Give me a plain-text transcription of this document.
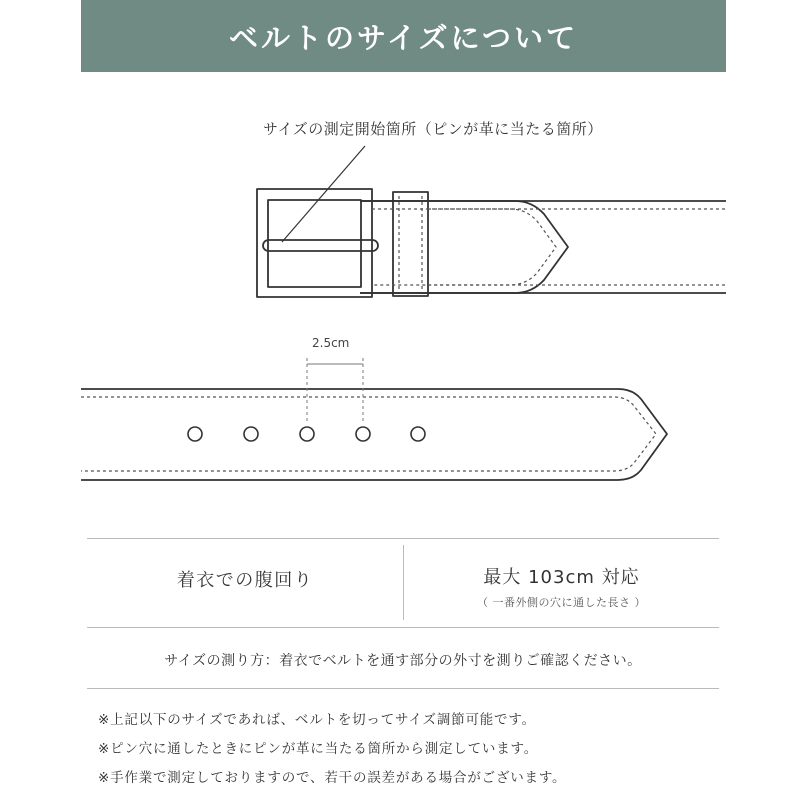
ベルトのサイズについて
サイズの測定開始箇所（ピンが革に当たる箇所）
2.5cm
着衣での腹回り	最大 103cm 対応
（ 一番外側の穴に通した長さ ）
サイズの測り方：着衣でベルトを通す部分の外寸を測りご確認ください。
※上記以下のサイズであれば、ベルトを切ってサイズ調節可能です。
※ピン穴に通したときにピンが革に当たる箇所から測定しています。
※手作業で測定しておりますので、若干の誤差がある場合がございます。
